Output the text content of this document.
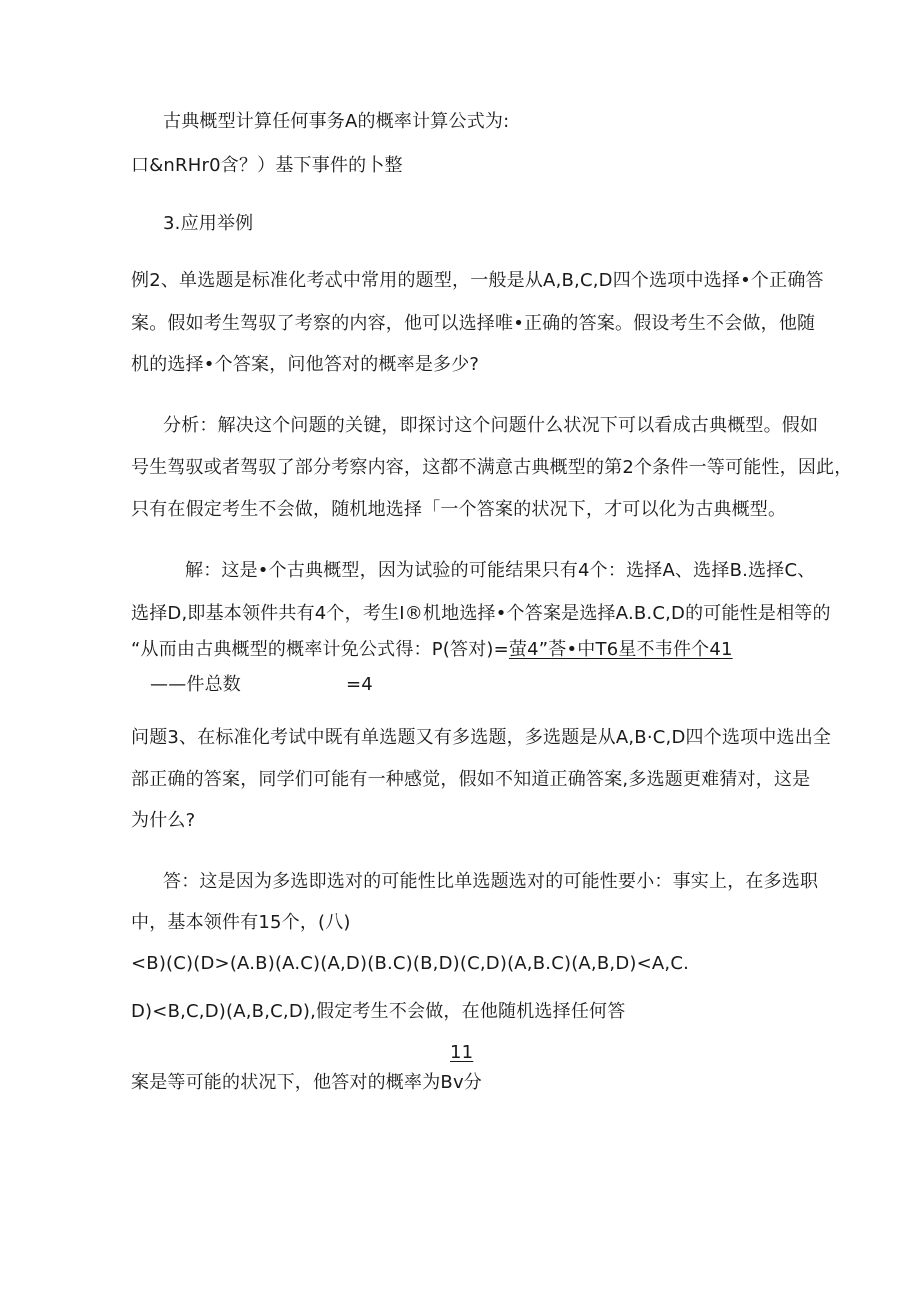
古典概型计算任何事务A的概率计算公式为:
口&nRHr0含？）基下事件的卜整
3.应用举例
例2、单选题是标准化考忒中常用的题型，一般是从A,B,C,D四个选项中选择•个正确答
案。假如考生驾驭了考察的内容，他可以选择唯•正确的答案。假设考生不会做，他随
机的选择•个答案，问他答对的概率是多少?
分析：解决这个问题的关键，即探讨这个问题什么状况下可以看成古典概型。假如
号生驾驭或者驾驭了部分考察内容，这都不满意古典概型的第2个条件一等可能性，因此，
只有在假定考生不会做，随机地选择「一个答案的状况下，才可以化为古典概型。
解：这是•个古典概型，因为试验的可能结果只有4个：选择A、选择B.选择C、
选择D,即基本领件共有4个，考生I®机地选择•个答案是选择A.B.C,D的可能性是相等的
“从而由古典概型的概率计免公式得：P(答对)=萤4”荅•中T6星不韦件个41
——件总数	=4
问题3、在标准化考试中既有单选题又有多选题，多选题是从A,B·C,D四个选项中选出全
部正确的答案，同学们可能有一种感觉，假如不知道正确答案,多选题更难猜对，这是
为什么?
答：这是因为多选即选对的可能性比单选题选对的可能性要小：事实上，在多选职
中，基本领件有15个， (八)
<B)(C)(D>(A.B)(A.C)(A,D)(B.C)(B,D)(C,D)(A,B.C)(A,B,D)<A,C.
D)<B,C,D)(A,B,C,D),假定考生不会做，在他随机选择任何答
11
案是等可能的状况下，他答对的概率为Bv分
